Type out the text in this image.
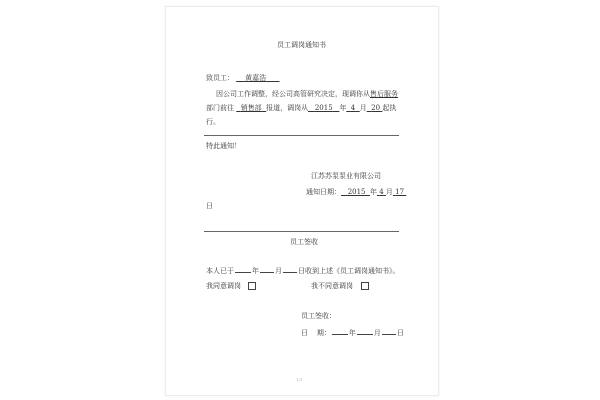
员工调岗通知书
致员工： 黄嘉浩
因公司工作调整，经公司高管研究决定，现调你从售后服务
部门前往 销售部 报道，调岗从 2015 年 4 月 20 起执
行。
特此通知！
江苏苏泵泵业有限公司
通知日期： 2015 年 4 月 17
日
员工签收
本人已于	年 月 日收到上述《员工调岗通知书》。
我同意调岗	我不同意调岗
员工签收：
日 期：	年	月 日
1/1
